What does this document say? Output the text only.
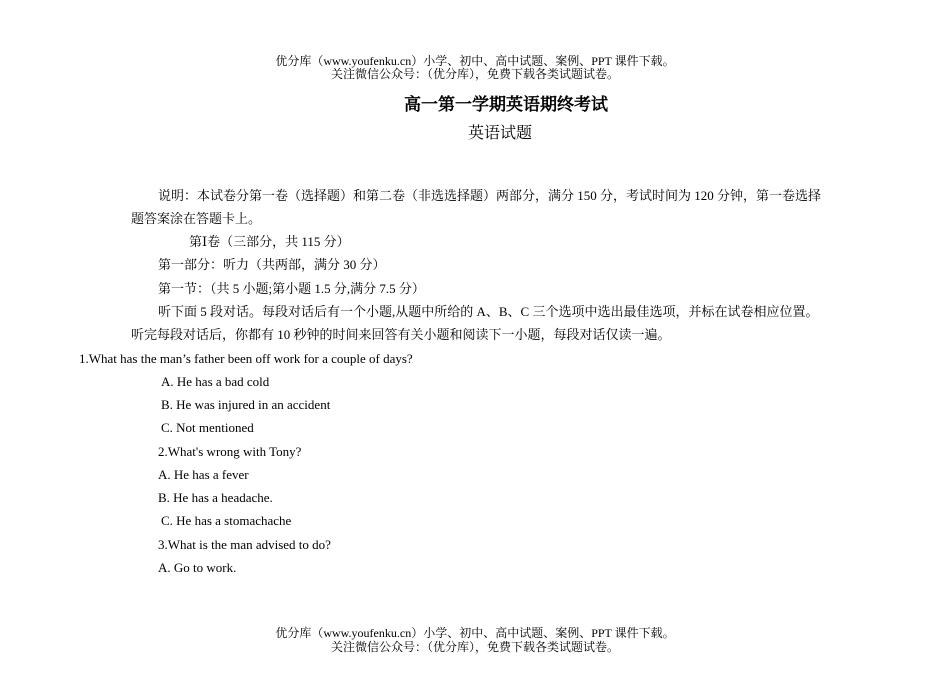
优分库（www.youfenku.cn）小学、初中、高中试题、案例、PPT 课件下载。
关注微信公众号：（优分库），免费下载各类试题试卷。
高一第一学期英语期终考试
英语试题
说明：本试卷分第一卷（选择题）和第二卷（非选选择题）两部分，满分 150 分，考试时间为 120 分钟，第一卷选择
题答案涂在答题卡上。
第Ⅰ卷（三部分，共 115 分）
第一部分：听力（共两部，满分 30 分）
第一节：（共 5 小题;第小题 1.5 分,满分 7.5 分）
听下面 5 段对话。每段对话后有一个小题,从题中所给的 A、B、C 三个选项中选出最佳选项，并标在试卷相应位置。
听完每段对话后，你都有 10 秒钟的时间来回答有关小题和阅读下一小题，每段对话仅读一遍。
1.What has the man’s father been off work for a couple of days?
A. He has a bad cold
B. He was injured in an accident
C. Not mentioned
2.What's wrong with Tony?
A. He has a fever
B. He has a headache.
C. He has a stomachache
3.What is the man advised to do?
A. Go to work.
优分库（www.youfenku.cn）小学、初中、高中试题、案例、PPT 课件下载。
关注微信公众号：（优分库），免费下载各类试题试卷。
